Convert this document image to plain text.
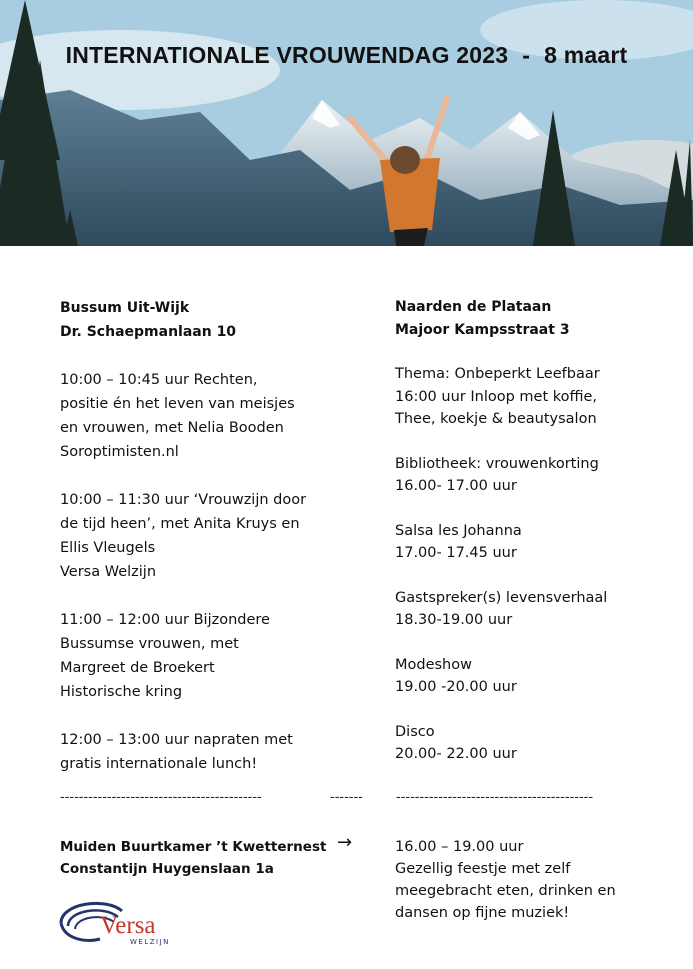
INTERNATIONALE VROUWENDAG 2023 - 8 maart

Bussum Uit-Wijk

Dr. Schaepmanlaan 10

10:00 – 10:45 uur Rechten,

positie én het leven van meisjes

en vrouwen, met Nelia Booden

Soroptimisten.nl

10:00 – 11:30 uur ‘Vrouwzijn door

de tijd heen’, met Anita Kruys en

Ellis Vleugels

Versa Welzijn

11:00 – 12:00 uur Bijzondere

Bussumse vrouwen, met

Margreet de Broekert

Historische kring

12:00 – 13:00 uur napraten met

gratis internationale lunch!

Naarden de Plataan

Majoor Kampsstraat 3

Thema: Onbeperkt Leefbaar

16:00 uur Inloop met koffie,

Thee, koekje & beautysalon

Bibliotheek: vrouwenkorting

16.00- 17.00 uur

Salsa les Johanna

17.00- 17.45 uur

Gastspreker(s) levensverhaal

18.30-19.00 uur

Modeshow

19.00 -20.00 uur

Disco

20.00- 22.00 uur

-------------------------------------------	-------	------------------------------------------
Muiden Buurtkamer ’t Kwetternest
Constantijn Huygenslaan 1a
→	16.00 – 19.00 uur
Gezellig feestje met zelf
meegebracht eten, drinken en
dansen op fijne muziek!
Versa
WELZIJN
